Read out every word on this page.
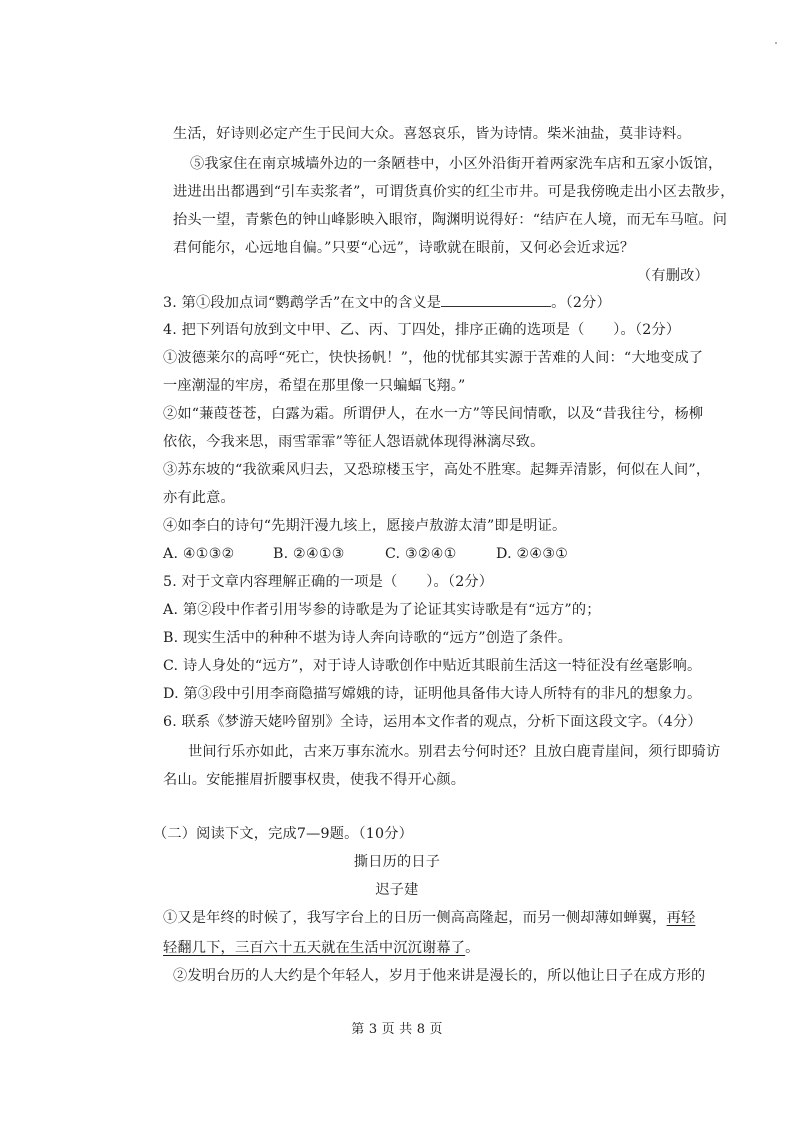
生活，好诗则必定产生于民间大众。喜怒哀乐，皆为诗情。柴米油盐，莫非诗料。
⑤我家住在南京城墙外边的一条陋巷中，小区外沿街开着两家洗车店和五家小饭馆，
进进出出都遇到“引车卖浆者”，可谓货真价实的红尘市井。可是我傍晚走出小区去散步，
抬头一望，青紫色的钟山峰影映入眼帘，陶渊明说得好：“结庐在人境，而无车马喧。问
君何能尔，心远地自偏。”只要“心远”，诗歌就在眼前，又何必会近求远？
（有删改）
3. 第①段加点词“鹦鹉学舌”在文中的含义是	。（2分）
4. 把下列语句放到文中甲、乙、丙、丁四处，排序正确的选项是（　　）。（2分）
①波德莱尔的高呼“死亡，快快扬帆！”，他的忧郁其实源于苦难的人间：“大地变成了
一座潮湿的牢房，希望在那里像一只蝙蝠飞翔。”
②如“蒹葭苍苍，白露为霜。所谓伊人，在水一方”等民间情歌，以及“昔我往兮，杨柳
依依，今我来思，雨雪霏霏”等征人怨语就体现得淋漓尽致。
③苏东坡的“我欲乘风归去，又恐琼楼玉宇，高处不胜寒。起舞弄清影，何似在人间”，
亦有此意。
④如李白的诗句“先期汗漫九垓上，愿接卢敖游太清”即是明证。
A. ④①③②	B. ②④①③	C. ③②④①	D. ②④③①
5. 对于文章内容理解正确的一项是（　　）。（2分）
A. 第②段中作者引用岑参的诗歌是为了论证其实诗歌是有“远方”的；
B. 现实生活中的种种不堪为诗人奔向诗歌的“远方”创造了条件。
C. 诗人身处的“远方”，对于诗人诗歌创作中贴近其眼前生活这一特征没有丝毫影响。
D. 第③段中引用李商隐描写嫦娥的诗，证明他具备伟大诗人所特有的非凡的想象力。
6. 联系《梦游天姥吟留别》全诗，运用本文作者的观点，分析下面这段文字。（4分）
世间行乐亦如此，古来万事东流水。别君去兮何时还？且放白鹿青崖间，须行即骑访
名山。安能摧眉折腰事权贵，使我不得开心颜。
（二）阅读下文，完成7—9题。（10分）
撕日历的日子
迟子建
①又是年终的时候了，我写字台上的日历一侧高高隆起，而另一侧却薄如蝉翼，再轻
轻翻几下，三百六十五天就在生活中沉沉谢幕了。
②发明台历的人大约是个年轻人，岁月于他来讲是漫长的，所以他让日子在成方形的
第 3 页 共 8 页
